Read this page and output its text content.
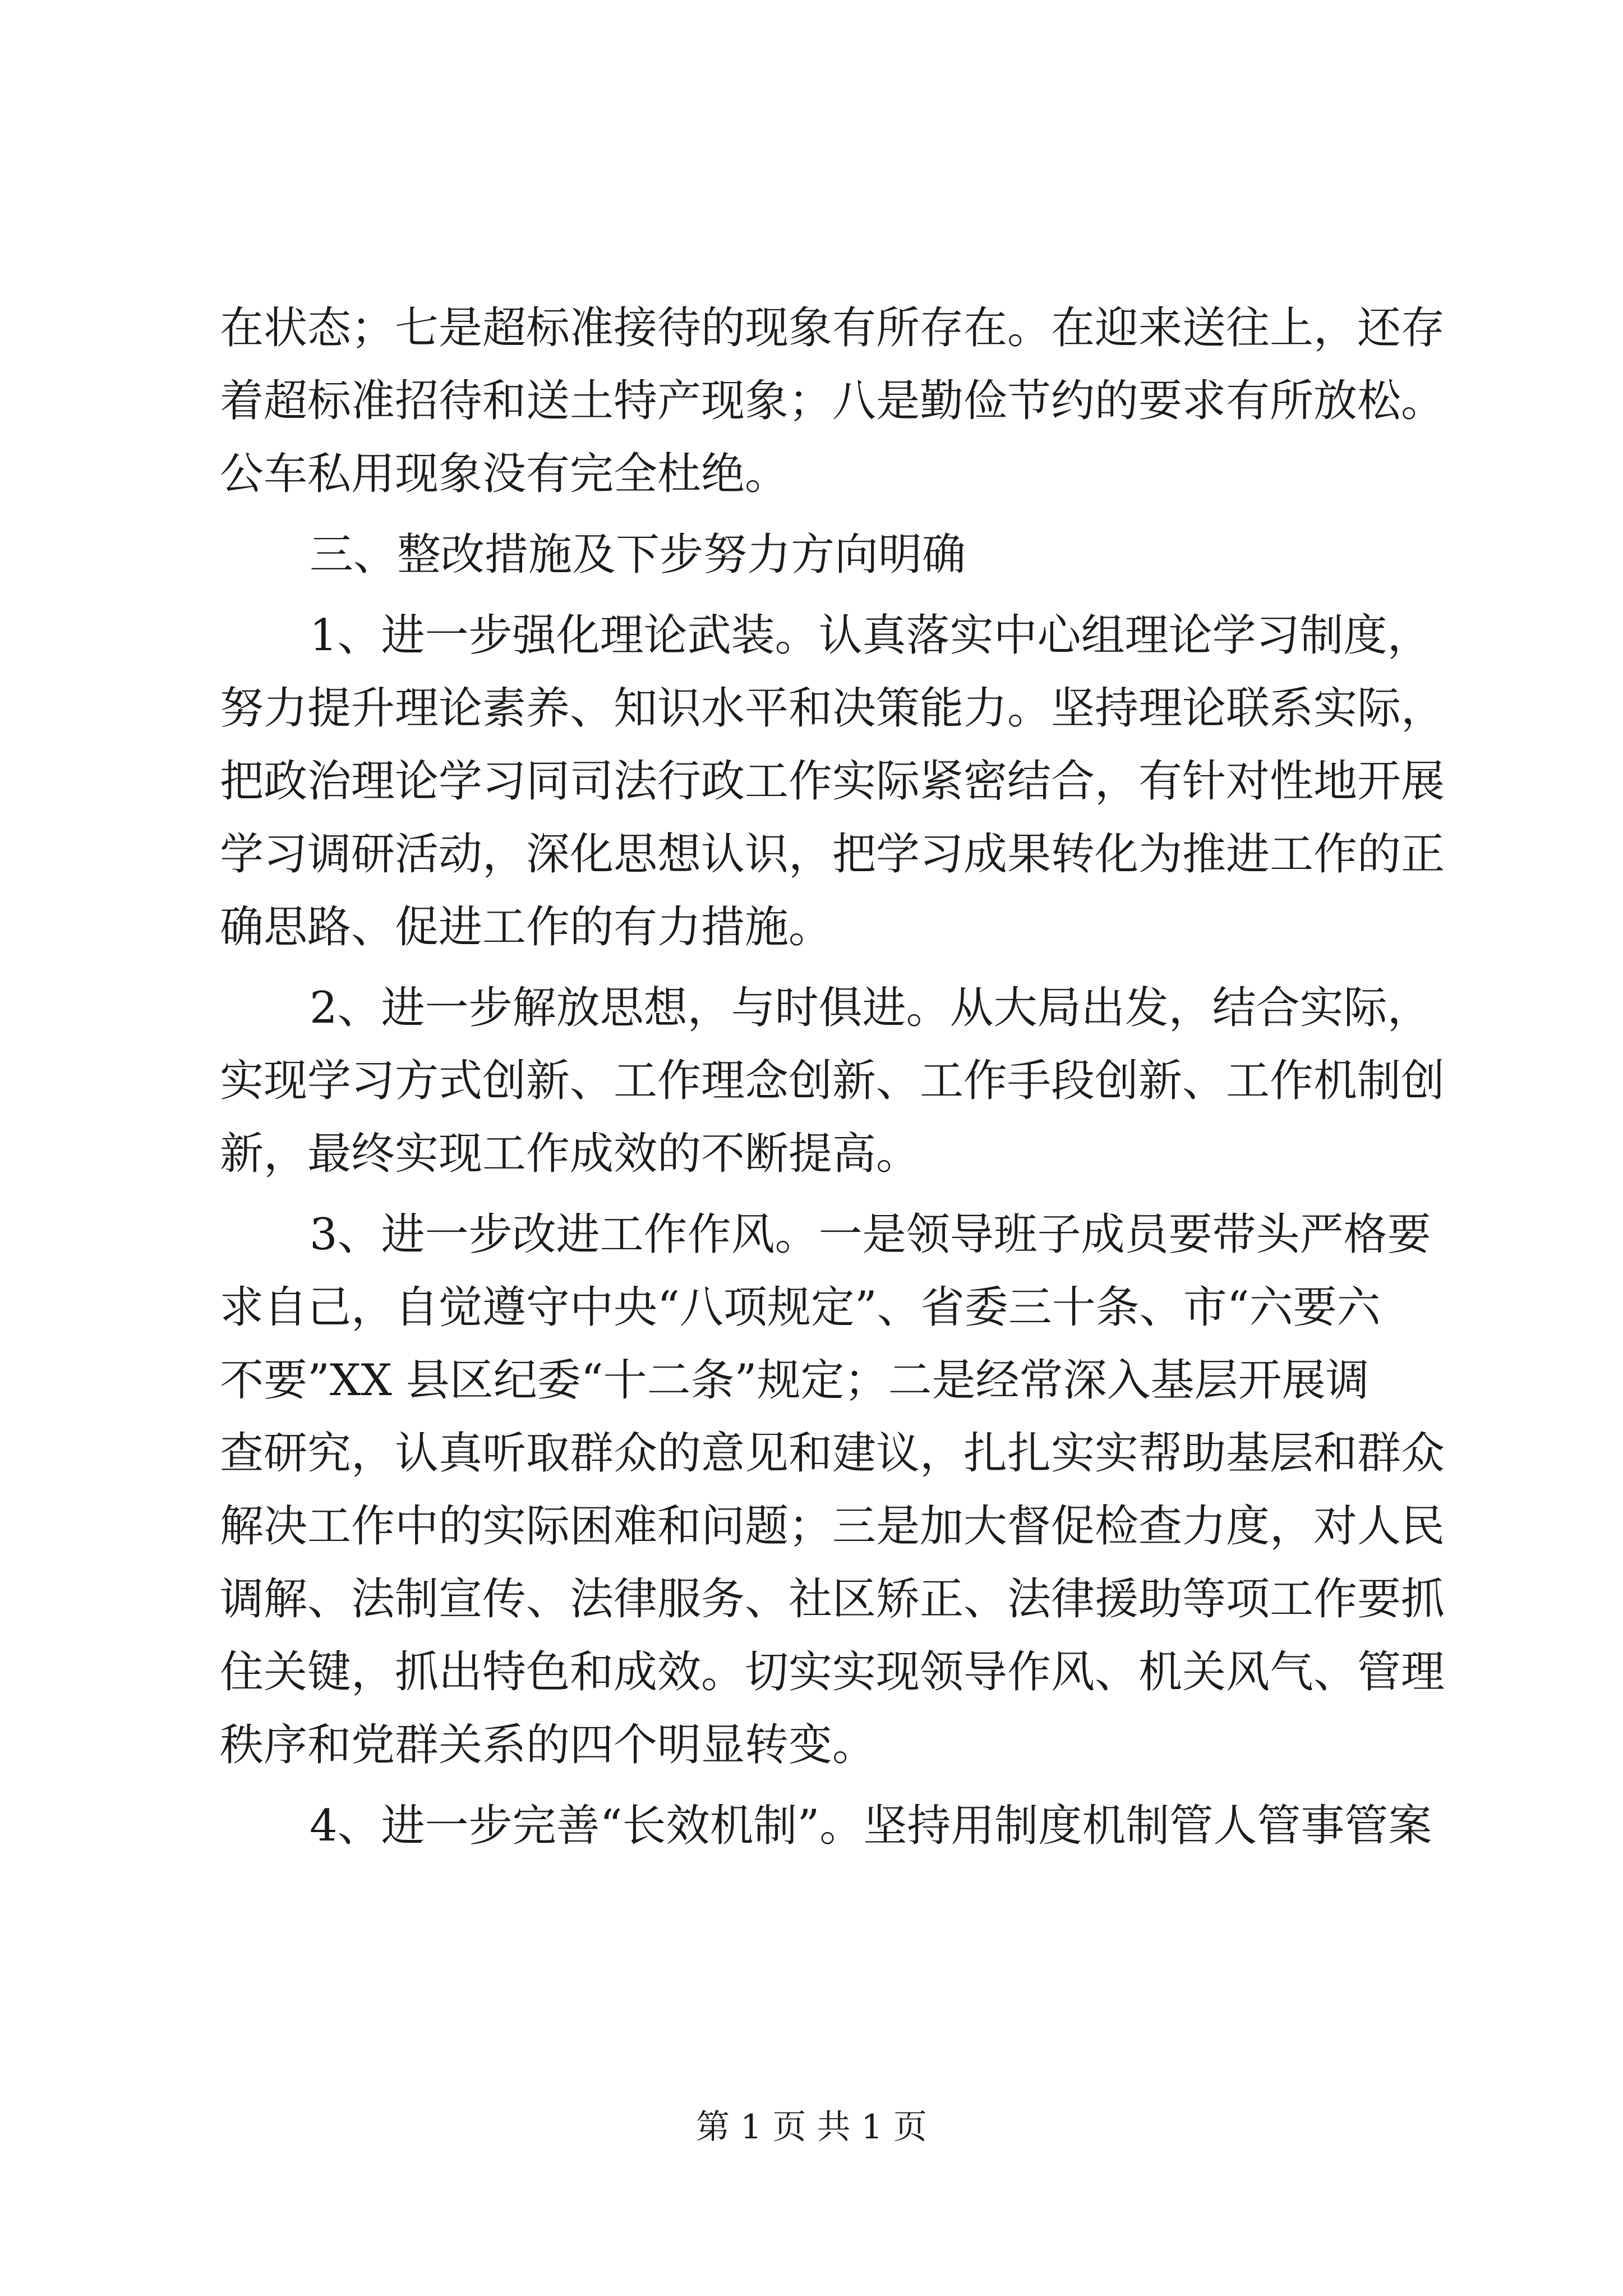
在状态；七是超标准接待的现象有所存在。在迎来送往上，还存
着超标准招待和送土特产现象；八是勤俭节约的要求有所放松。
公车私用现象没有完全杜绝。
三、整改措施及下步努力方向明确
1、进一步强化理论武装。认真落实中心组理论学习制度，
努力提升理论素养、知识水平和决策能力。坚持理论联系实际，
把政治理论学习同司法行政工作实际紧密结合，有针对性地开展
学习调研活动，深化思想认识，把学习成果转化为推进工作的正
确思路、促进工作的有力措施。
2、进一步解放思想，与时俱进。从大局出发，结合实际，
实现学习方式创新、工作理念创新、工作手段创新、工作机制创
新，最终实现工作成效的不断提高。
3、进一步改进工作作风。一是领导班子成员要带头严格要
求自己，自觉遵守中央“八项规定”、省委三十条、市“六要六
不要”XX 县区纪委“十二条”规定；二是经常深入基层开展调
查研究，认真听取群众的意见和建议，扎扎实实帮助基层和群众
解决工作中的实际困难和问题；三是加大督促检查力度，对人民
调解、法制宣传、法律服务、社区矫正、法律援助等项工作要抓
住关键，抓出特色和成效。切实实现领导作风、机关风气、管理
秩序和党群关系的四个明显转变。
4、进一步完善“长效机制”。坚持用制度机制管人管事管案
第 1 页 共 1 页
